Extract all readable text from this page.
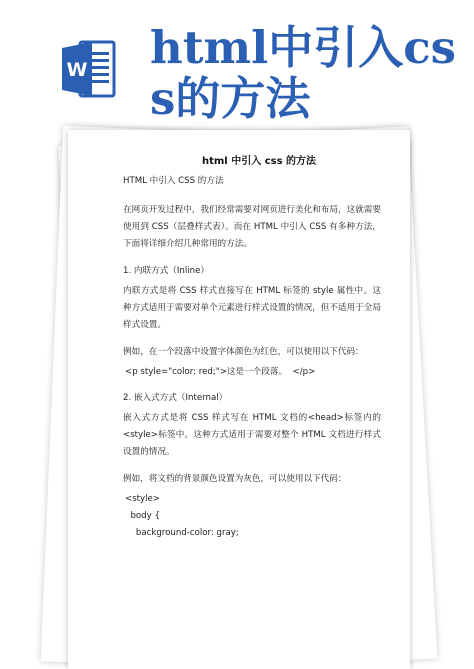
W html中引入css的方法
html 中引入 css 的方法
HTML 中引入 CSS 的方法
在网页开发过程中，我们经常需要对网页进行美化和布局，这就需要使用到 CSS（层叠样式表）。而在 HTML 中引入 CSS 有多种方法，下面将详细介绍几种常用的方法。
1. 内联方式（Inline）
内联方式是将 CSS 样式直接写在 HTML 标签的 style 属性中。这种方式适用于需要对单个元素进行样式设置的情况，但不适用于全局样式设置。
例如，在一个段落中设置字体颜色为红色，可以使用以下代码：
<p style="color: red;">这是一个段落。  </p>
2. 嵌入式方式（Internal）
嵌入式方式是将 CSS 样式写在 HTML 文档的<head>标签内的<style>标签中。这种方式适用于需要对整个 HTML 文档进行样式设置的情况。
例如，将文档的背景颜色设置为灰色，可以使用以下代码：
<style>
body {
background-color: gray;
